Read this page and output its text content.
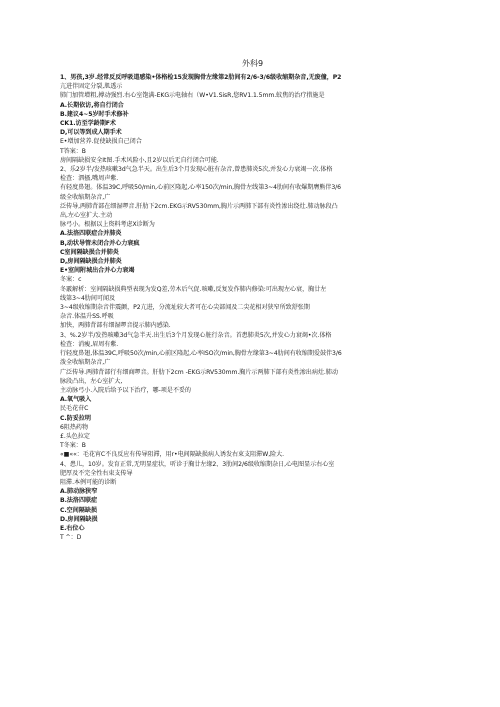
外科9
1、男孩,3岁.经常反反呼吸道感染•体格检15发现胸骨左缘第2肋间有2/6-3/6级收缩期杂音,无废僮，P2
亢进伴固定分裂,肌透示
肺门加管增粗,搏动强烈.右心室饱满-EKG示电轴右（W•V1.SisR,您RV1.1.5mm.蚊焦的治疗措施是
A.长期依访,将自行闭合
B.建议4~5岁时手术修补
CK1.访至学龄期F术
D,可以等到成人期手术
E•增加营养.促使缺损自己闭合
T答案：B
房间隔缺损安全It图.手术风险小,且2岁以后无自行闭合可能.
2、乐2岁半/发热咳嗽3d气急半天。出生后3个月发现心脏有杂音,曾患肺炎5次,并发心力衰竭一次.体格
检查：泗搔,嘴周声紫.
有轻度鼻翅。体温39C,呼吸50/min,心前区隆起,心率150次/min,胸骨左线第3~4肋间有收爆期膺熊伴3/6
级全收缩期杂音,广
泛传导,两肺背部在细湿啰音.肝肋下2cm.EKG示RV530mm,胸片示两肺下部有炎性渗出绕灶.肺动脉段凸
出,左心室扩大.主动
脉弓小。根据以上资料考虑X诊断为
A.法洛四联症合并肺炎
B,动状导管未闭合并心力衰疯
C室间隔缺损合并肺炎
D,房间隔缺损合并肺炎
E•室间附城出合并心力衰竭
冬案：c
冬霰解析：室间隔缺损典型表现为发Q差,劳木后气促.咳嗽,反复发作肺内修染:可出现左心衰，胸廿左
线第3~4肋间可闻及
3~4级收缩期杂音伴震颤，P2亢进，分流址较大者可在心尖部闻及二尖花相对狭窄所致舒张期
杂音.体温升SS.呼吸
加快，两肺背部有细湿啰音提示肺内感染.
3、%.2岁半/发热咳嗽3d气急半天.出生后3个月发现心脏行杂音。首患肺炎5次,并发心力衰竭•次.体格
检查：消瘦,眉周有紫.
行轻度鼻翅,体温39C,呼吸50次/min,心前区隆起,心率ISO次/min,胸骨左缘第3~4肋间有收缩期爱鼓伴3/6
泼全收缩期杂音,广
广泛传导.两肺背部行有细商啰音。肝肋下2cm -EKG示RV530mm.胸片示两肺下部有炎性渗出病灶.肺动
脉段凸出，左心室扩大,
主动脉弓小.入院后给予以下治疗，哪-项是不妥的
A.氧气吸入
民毛花苷C
C.防妥拉明
6阻热药物
£.头色拉定
T冬案：B
«■««：毛花宵C不良反应有传导阻滞，用r•电间隔缺损病人诱发右束支阻滞W,险大.
4、患儿，10岁。发育正常,无明显症状，听诊于胸廿左缘2、3肋间2/6级收缩期杂日,心电图显示右心室
肥厚及不完全性右束支传导
阻滞.本例可能的诊断
A.肺动脉狭窄
B.法洛四联症
C.空间隔缺损
D.房间隔缺损
E.右位心
T ^：D
